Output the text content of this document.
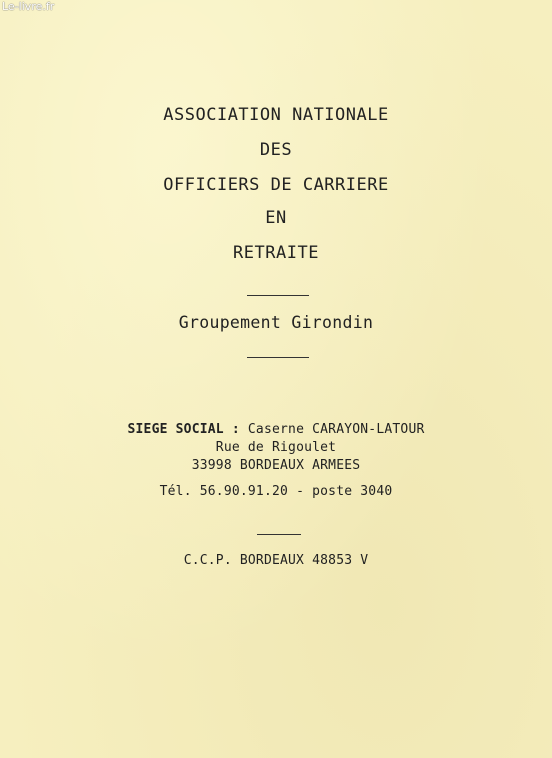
Le-livre.fr
ASSOCIATION NATIONALE
DES
OFFICIERS DE CARRIERE
EN
RETRAITE
Groupement Girondin
SIEGE SOCIAL : Caserne CARAYON-LATOUR
Rue de Rigoulet
33998 BORDEAUX ARMEES
Tél. 56.90.91.20 - poste 3040
C.C.P. BORDEAUX 48853 V
